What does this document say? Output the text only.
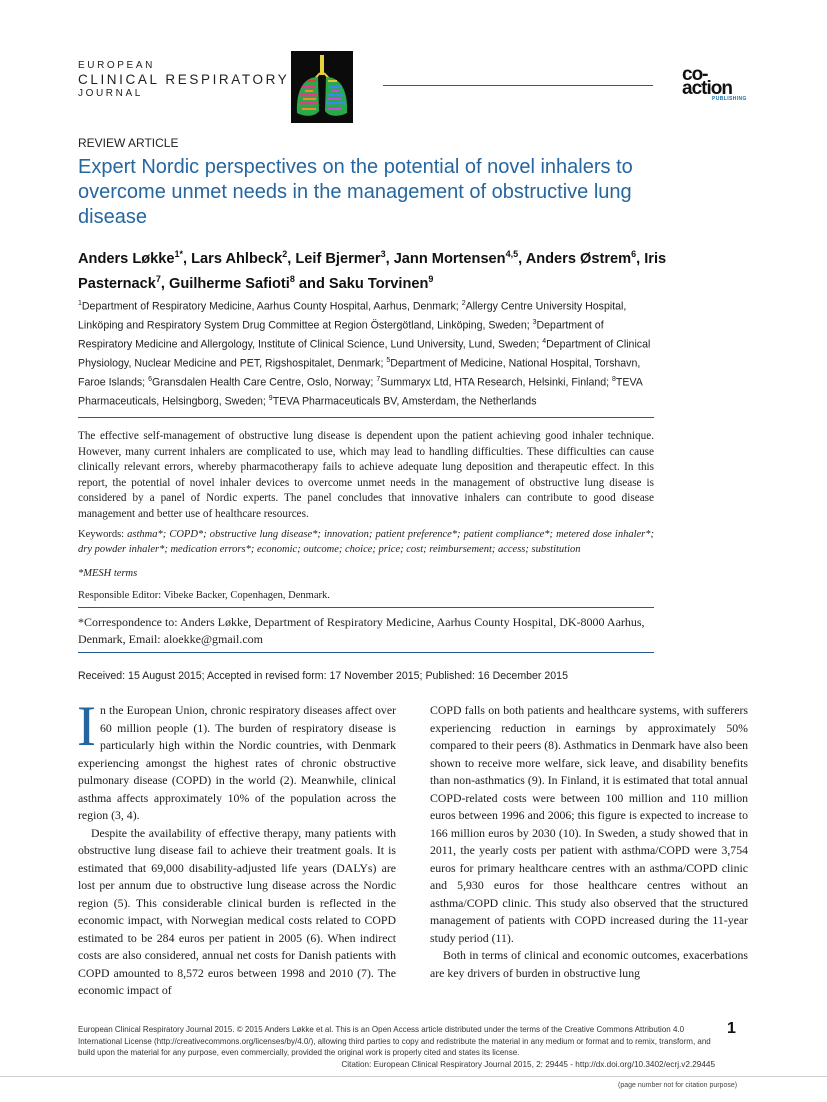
EUROPEAN
CLINICAL RESPIRATORY
JOURNAL
co-action
PUBLISHING
REVIEW ARTICLE
Expert Nordic perspectives on the potential of novel inhalers to overcome unmet needs in the management of obstructive lung disease
Anders Løkke$^{1*}$, Lars Ahlbeck$^2$, Leif Bjermer$^3$, Jann Mortensen$^{4,5}$, Anders Østrem$^6$, Iris Pasternack$^7$, Guilherme Safioti$^8$ and Saku Torvinen$^9$
$^1$Department of Respiratory Medicine, Aarhus County Hospital, Aarhus, Denmark; $^2$Allergy Centre University Hospital, Linköping and Respiratory System Drug Committee at Region Östergötland, Linköping, Sweden; $^3$Department of Respiratory Medicine and Allergology, Institute of Clinical Science, Lund University, Lund, Sweden; $^4$Department of Clinical Physiology, Nuclear Medicine and PET, Rigshospitalet, Denmark; $^5$Department of Medicine, National Hospital, Torshavn, Faroe Islands; $^6$Gransdalen Health Care Centre, Oslo, Norway; $^7$Summaryx Ltd, HTA Research, Helsinki, Finland; $^8$TEVA Pharmaceuticals, Helsingborg, Sweden; $^9$TEVA Pharmaceuticals BV, Amsterdam, the Netherlands
The effective self-management of obstructive lung disease is dependent upon the patient achieving good inhaler technique. However, many current inhalers are complicated to use, which may lead to handling difficulties. These difficulties can cause clinically relevant errors, whereby pharmacotherapy fails to achieve adequate lung deposition and therapeutic effect. In this report, the potential of novel inhaler devices to overcome unmet needs in the management of obstructive lung disease is considered by a panel of Nordic experts. The panel concludes that innovative inhalers can contribute to good disease management and better use of healthcare resources.
Keywords: asthma*; COPD*; obstructive lung disease*; innovation; patient preference*; patient compliance*; metered dose inhaler*; dry powder inhaler*; medication errors*; economic; outcome; choice; price; cost; reimbursement; access; substitution
*MESH terms
Responsible Editor: Vibeke Backer, Copenhagen, Denmark.
*Correspondence to: Anders Løkke, Department of Respiratory Medicine, Aarhus County Hospital, DK-8000 Aarhus, Denmark, Email: aloekke@gmail.com
Received: 15 August 2015; Accepted in revised form: 17 November 2015; Published: 16 December 2015

In the European Union, chronic respiratory diseases affect over 60 million people (1). The burden of respiratory disease is particularly high within the Nordic countries, with Denmark experiencing amongst the highest rates of chronic obstructive pulmonary disease (COPD) in the world (2). Meanwhile, clinical asthma affects approximately 10% of the population across the region (3, 4).

Despite the availability of effective therapy, many patients with obstructive lung disease fail to achieve their treatment goals. It is estimated that 69,000 disability-adjusted life years (DALYs) are lost per annum due to obstructive lung disease across the Nordic region (5). This considerable clinical burden is reflected in the economic impact, with Norwegian medical costs related to COPD estimated to be 284 euros per patient in 2005 (6). When indirect costs are also considered, annual net costs for Danish patients with COPD amounted to 8,572 euros between 1998 and 2010 (7). The economic impact of

COPD falls on both patients and healthcare systems, with sufferers experiencing reduction in earnings by approximately 50% compared to their peers (8). Asthmatics in Denmark have also been shown to receive more welfare, sick leave, and disability benefits than non-asthmatics (9). In Finland, it is estimated that total annual COPD-related costs were between 100 million and 110 million euros between 1996 and 2006; this figure is expected to increase to 166 million euros by 2030 (10). In Sweden, a study showed that in 2011, the yearly costs per patient with asthma/COPD were 3,754 euros for primary healthcare centres with an asthma/COPD clinic and 5,930 euros for those healthcare centres without an asthma/COPD clinic. This study also observed that the structured management of patients with COPD increased during the 11-year study period (11).

Both in terms of clinical and economic outcomes, exacerbations are key drivers of burden in obstructive lung

European Clinical Respiratory Journal 2015. © 2015 Anders Løkke et al. This is an Open Access article distributed under the terms of the Creative Commons Attribution 4.0 International License (http://creativecommons.org/licenses/by/4.0/), allowing third parties to copy and redistribute the material in any medium or format and to remix, transform, and build upon the material for any purpose, even commercially, provided the original work is properly cited and states its license.
1
Citation: European Clinical Respiratory Journal 2015, 2: 29445 - http://dx.doi.org/10.3402/ecrj.v2.29445
(page number not for citation purpose)
